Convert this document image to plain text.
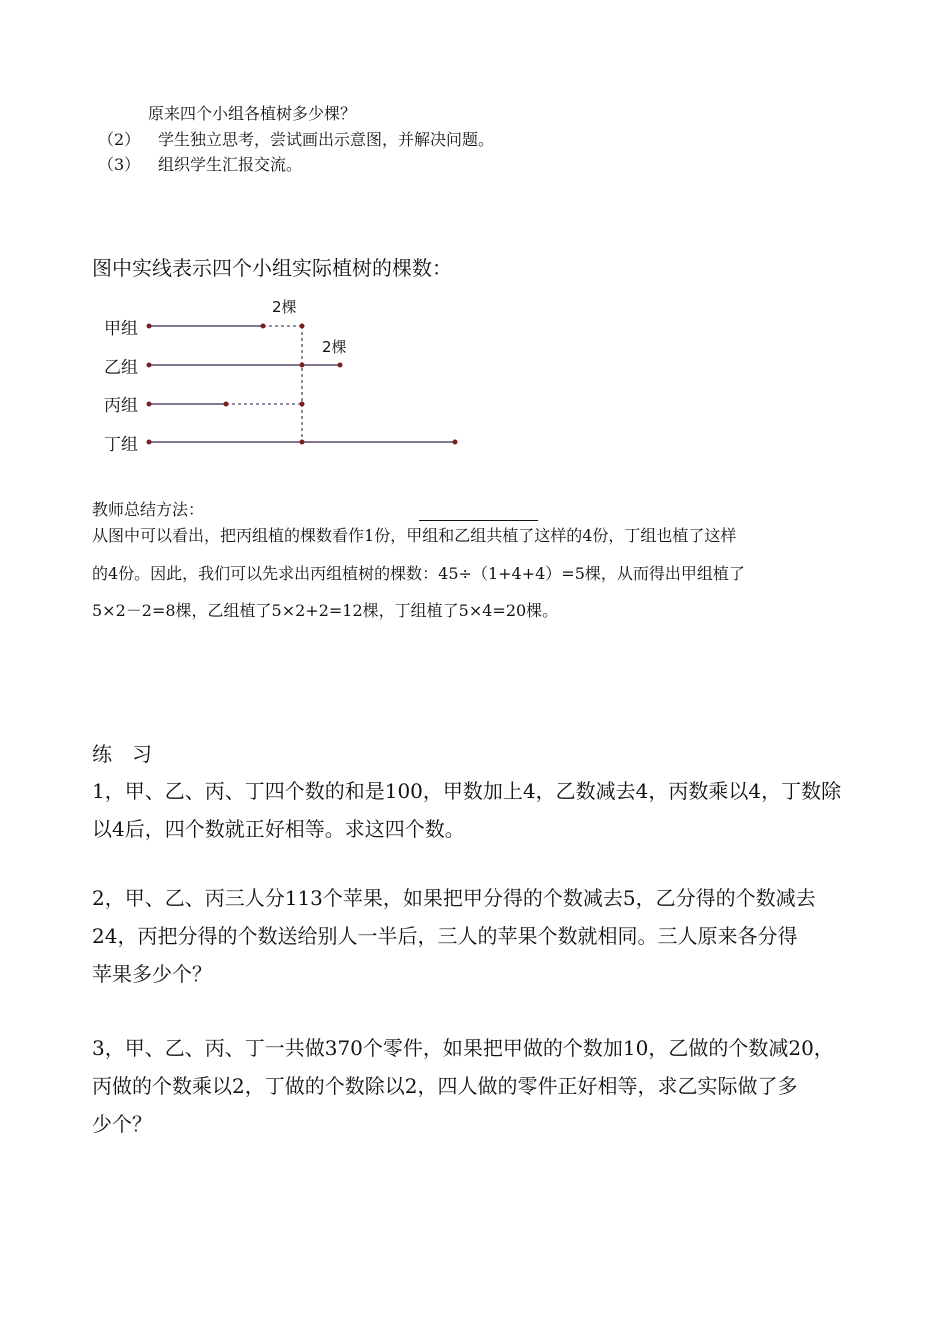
原来四个小组各植树多少棵？
（2） 学生独立思考，尝试画出示意图，并解决问题。
（3） 组织学生汇报交流。
图中实线表示四个小组实际植树的棵数：
甲组
乙组
丙组
丁组
2棵
2棵
教师总结方法：
从图中可以看出，把丙组植的棵数看作1份，甲组和乙组共植了这样的4份，丁组也植了这样
的4份。因此，我们可以先求出丙组植树的棵数：45÷（1+4+4）=5棵，从而得出甲组植了
5×2－2=8棵，乙组植了5×2+2=12棵，丁组植了5×4=20棵。
练　习
1，甲、乙、丙、丁四个数的和是100，甲数加上4，乙数减去4，丙数乘以4，丁数除
以4后，四个数就正好相等。求这四个数。
2，甲、乙、丙三人分113个苹果，如果把甲分得的个数减去5，乙分得的个数减去
24，丙把分得的个数送给别人一半后，三人的苹果个数就相同。三人原来各分得
苹果多少个？
3，甲、乙、丙、丁一共做370个零件，如果把甲做的个数加10，乙做的个数减20，
丙做的个数乘以2，丁做的个数除以2，四人做的零件正好相等，求乙实际做了多
少个？
